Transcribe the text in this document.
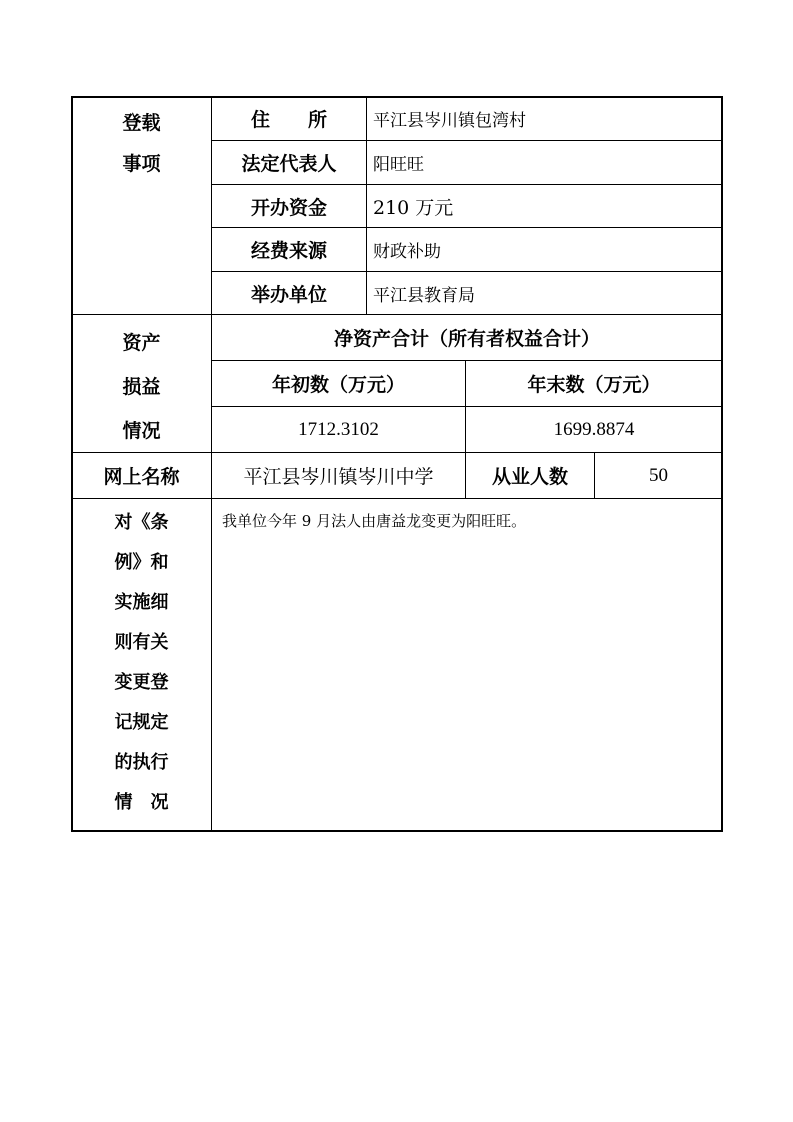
登载
事项
住　　所	平江县岑川镇包湾村
法定代表人	阳旺旺
开办资金	210 万元
经费来源	财政补助
举办单位	平江县教育局
资产
损益
情况
净资产合计（所有者权益合计）
年初数（万元）	年末数（万元）
1712.3102	1699.8874
网上名称	平江县岑川镇岑川中学	从业人数	50
对《条
例》和
实施细
则有关
变更登
记规定
的执行
情　况
我单位今年 9 月法人由唐益龙变更为阳旺旺。
